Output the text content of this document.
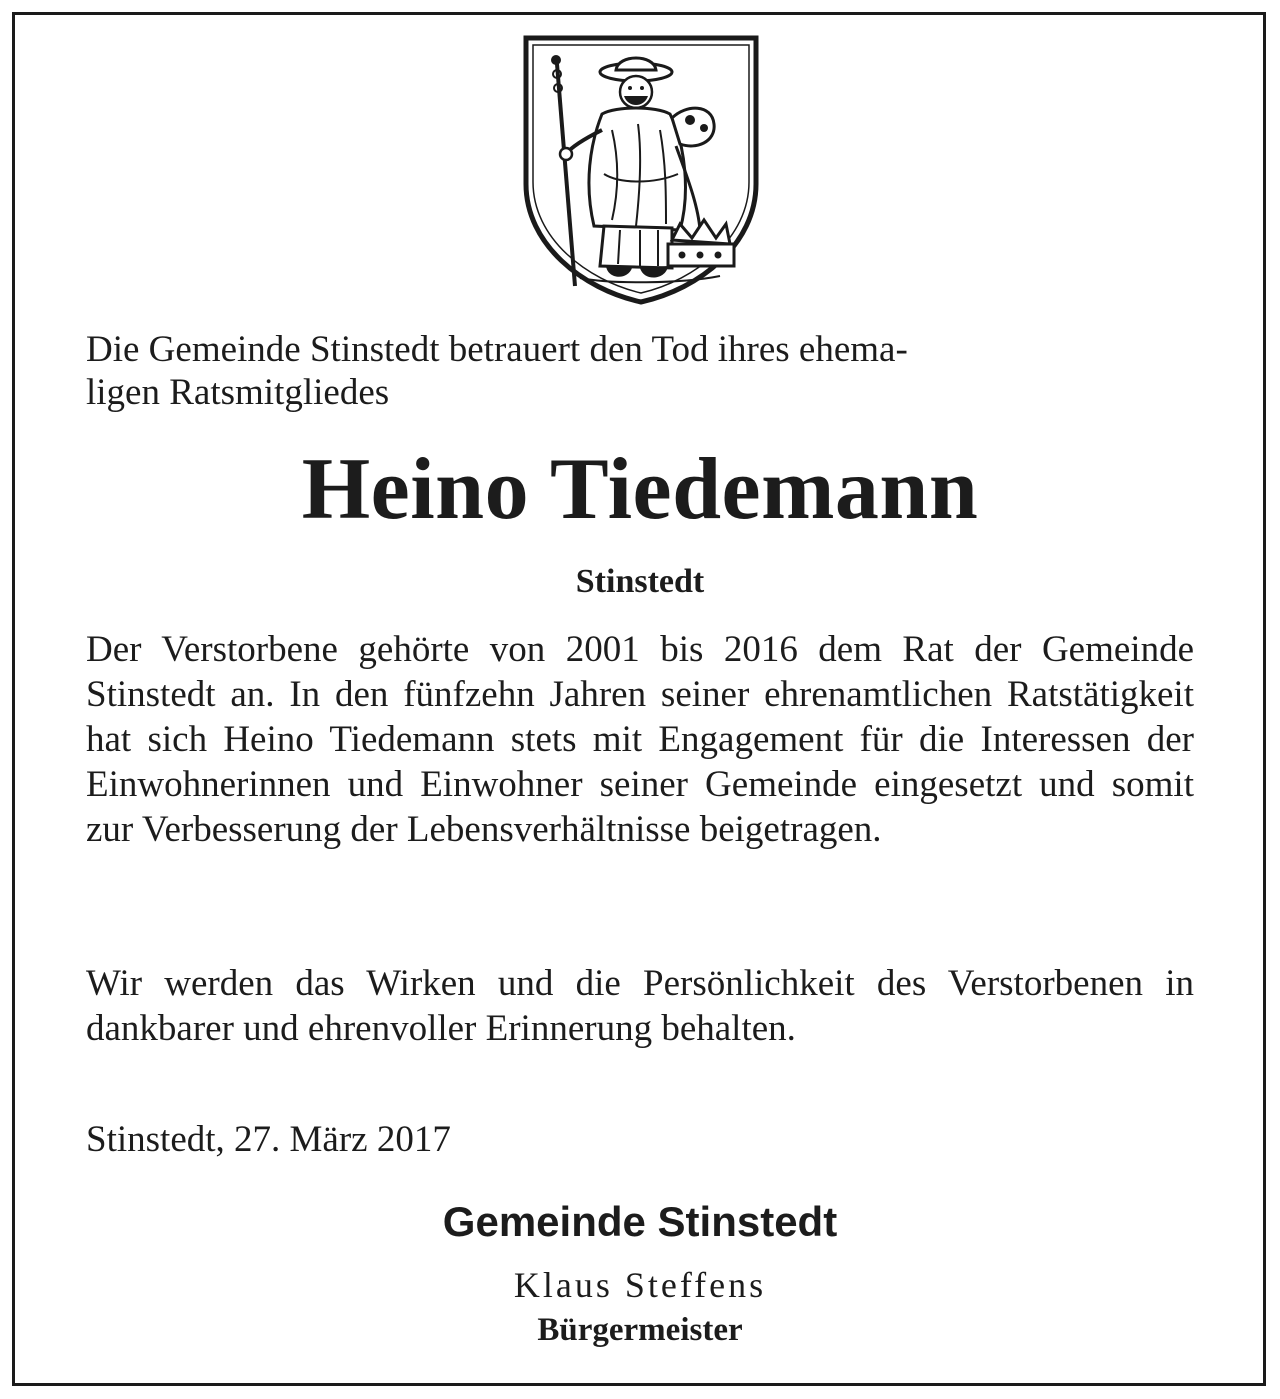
Die Gemeinde Stinstedt betrauert den Tod ihres ehema-
ligen Ratsmitgliedes

Heino Tiedemann

Stinstedt

Der Verstorbene gehörte von 2001 bis 2016 dem Rat der Gemeinde Stinstedt an. In den fünfzehn Jahren seiner ehrenamtlichen Ratstätigkeit hat sich Heino Tiedemann stets mit Engagement für die Interessen der Einwohnerinnen und Einwohner seiner Gemeinde eingesetzt und somit zur Verbesserung der Lebensverhältnisse beigetragen.

Wir werden das Wirken und die Persönlichkeit des Verstorbenen in dankbarer und ehrenvoller Erinnerung behalten.

Stinstedt, 27. März 2017

Gemeinde Stinstedt

Klaus Steffens

Bürgermeister
